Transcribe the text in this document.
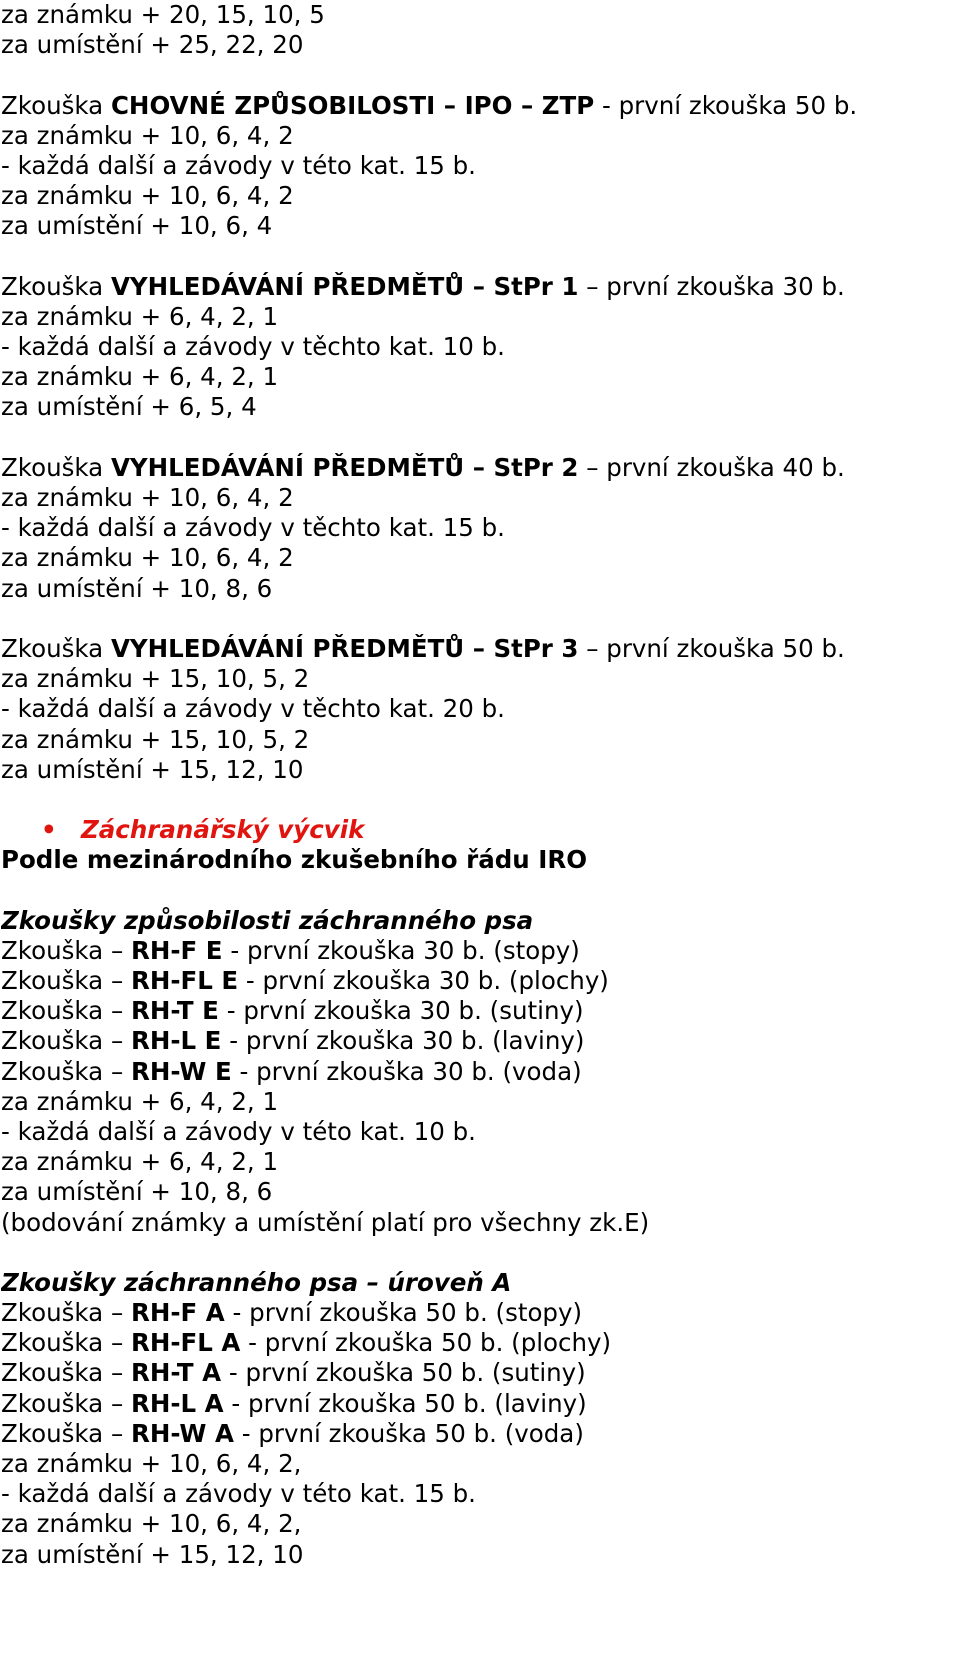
za známku + 20, 15, 10, 5
za umístění + 25, 22, 20
Zkouška CHOVNÉ ZPŮSOBILOSTI – IPO – ZTP - první zkouška 50 b.
za známku + 10, 6, 4, 2
- každá další a závody v této kat. 15 b.
za známku + 10, 6, 4, 2
za umístění + 10, 6, 4
Zkouška VYHLEDÁVÁNÍ PŘEDMĚTŮ – StPr 1 – první zkouška 30 b.
za známku + 6, 4, 2, 1
- každá další a závody v těchto kat. 10 b.
za známku + 6, 4, 2, 1
za umístění + 6, 5, 4
Zkouška VYHLEDÁVÁNÍ PŘEDMĚTŮ – StPr 2 – první zkouška 40 b.
za známku + 10, 6, 4, 2
- každá další a závody v těchto kat. 15 b.
za známku + 10, 6, 4, 2
za umístění + 10, 8, 6
Zkouška VYHLEDÁVÁNÍ PŘEDMĚTŮ – StPr 3 – první zkouška 50 b.
za známku + 15, 10, 5, 2
- každá další a závody v těchto kat. 20 b.
za známku + 15, 10, 5, 2
za umístění + 15, 12, 10
• Záchranářský výcvik
Podle mezinárodního zkušebního řádu IRO
Zkoušky způsobilosti záchranného psa
Zkouška – RH-F E - první zkouška 30 b. (stopy)
Zkouška – RH-FL E - první zkouška 30 b. (plochy)
Zkouška – RH-T E - první zkouška 30 b. (sutiny)
Zkouška – RH-L E - první zkouška 30 b. (laviny)
Zkouška – RH-W E - první zkouška 30 b. (voda)
za známku + 6, 4, 2, 1
- každá další a závody v této kat. 10 b.
za známku + 6, 4, 2, 1
za umístění + 10, 8, 6
(bodování známky a umístění platí pro všechny zk.E)
Zkoušky záchranného psa – úroveň A
Zkouška – RH-F A - první zkouška 50 b. (stopy)
Zkouška – RH-FL A - první zkouška 50 b. (plochy)
Zkouška – RH-T A - první zkouška 50 b. (sutiny)
Zkouška – RH-L A - první zkouška 50 b. (laviny)
Zkouška – RH-W A - první zkouška 50 b. (voda)
za známku + 10, 6, 4, 2,
- každá další a závody v této kat. 15 b.
za známku + 10, 6, 4, 2,
za umístění + 15, 12, 10
